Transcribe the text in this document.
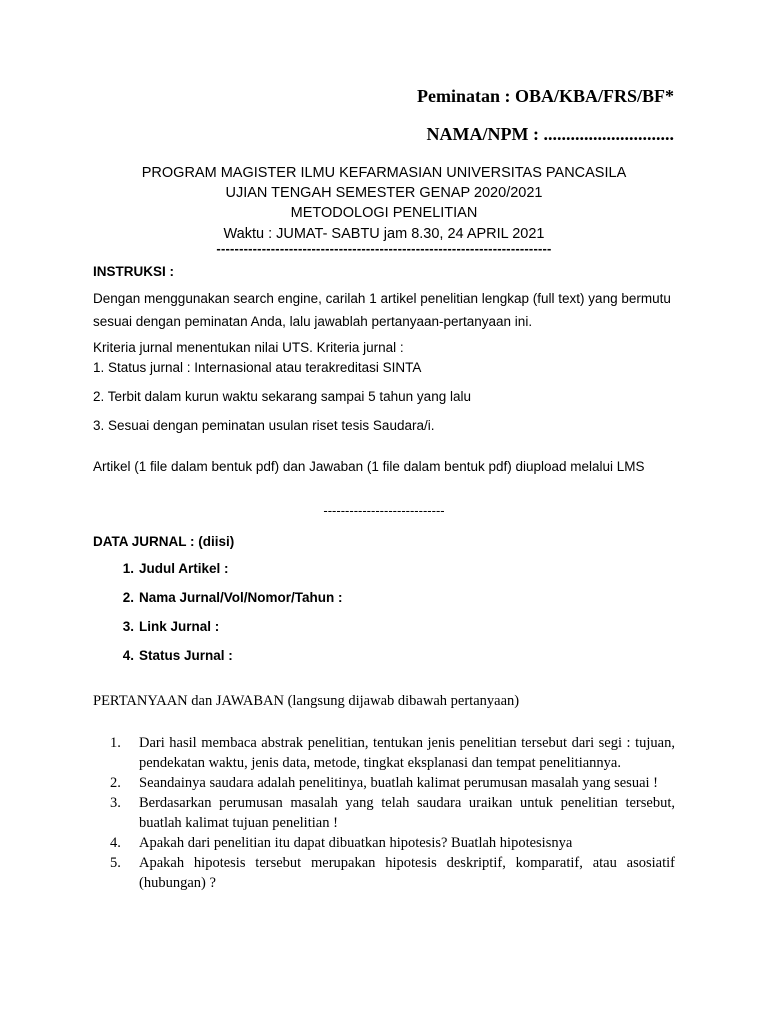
Peminatan : OBA/KBA/FRS/BF*
NAMA/NPM : .............................
PROGRAM MAGISTER ILMU KEFARMASIAN UNIVERSITAS PANCASILA
UJIAN TENGAH SEMESTER GENAP 2020/2021
METODOLOGI PENELITIAN
Waktu : JUMAT- SABTU jam 8.30, 24 APRIL 2021
--------------------------------------------------------------------------
INSTRUKSI :
Dengan menggunakan search engine, carilah 1 artikel penelitian lengkap (full text) yang bermutu sesuai dengan peminatan Anda, lalu jawablah pertanyaan-pertanyaan ini.
Kriteria jurnal menentukan nilai UTS. Kriteria jurnal :
1. Status jurnal : Internasional atau terakreditasi SINTA
2. Terbit dalam kurun waktu sekarang sampai 5 tahun yang lalu
3. Sesuai dengan peminatan usulan riset tesis Saudara/i.
Artikel (1 file dalam bentuk pdf) dan Jawaban (1 file dalam bentuk pdf) diupload melalui LMS
----------------------------
DATA JURNAL : (diisi)
1. Judul Artikel :
2. Nama Jurnal/Vol/Nomor/Tahun :
3. Link Jurnal :
4. Status Jurnal :
PERTANYAAN dan JAWABAN (langsung dijawab dibawah pertanyaan)
1. Dari hasil membaca abstrak penelitian, tentukan jenis penelitian tersebut dari segi : tujuan, pendekatan waktu, jenis data, metode, tingkat eksplanasi dan tempat penelitiannya.
2. Seandainya saudara adalah penelitinya, buatlah kalimat perumusan masalah yang sesuai !
3. Berdasarkan perumusan masalah yang telah saudara uraikan untuk penelitian tersebut, buatlah kalimat tujuan penelitian !
4. Apakah dari penelitian itu dapat dibuatkan hipotesis? Buatlah hipotesisnya
5. Apakah hipotesis tersebut merupakan hipotesis deskriptif, komparatif, atau asosiatif (hubungan) ?
